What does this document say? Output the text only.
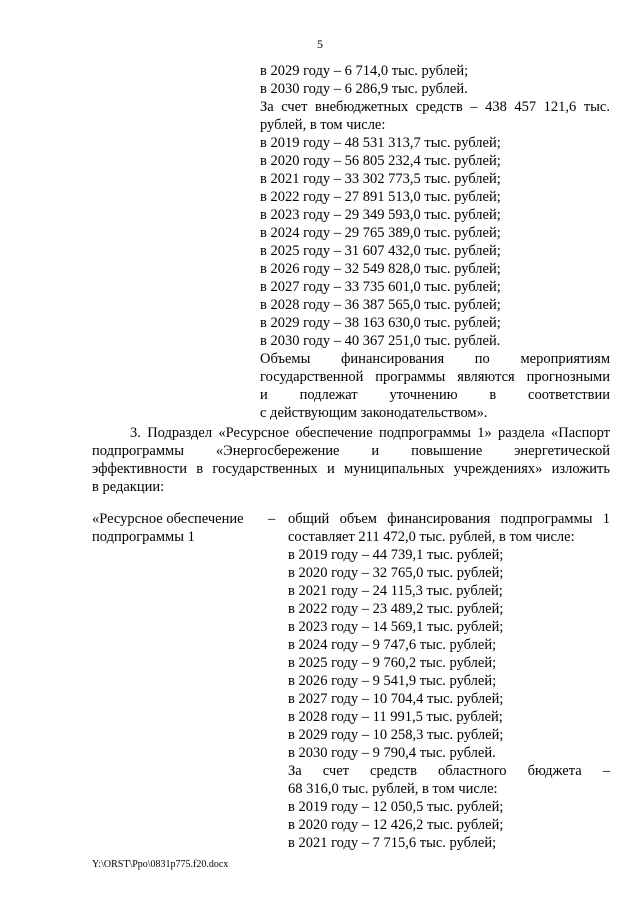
5
в 2029 году – 6 714,0 тыс. рублей;
в 2030 году – 6 286,9 тыс. рублей.
За счет внебюджетных средств – 438 457 121,6 тыс.
рублей, в том числе:
в 2019 году – 48 531 313,7 тыс. рублей;
в 2020 году – 56 805 232,4 тыс. рублей;
в 2021 году – 33 302 773,5 тыс. рублей;
в 2022 году – 27 891 513,0 тыс. рублей;
в 2023 году – 29 349 593,0 тыс. рублей;
в 2024 году – 29 765 389,0 тыс. рублей;
в 2025 году – 31 607 432,0 тыс. рублей;
в 2026 году – 32 549 828,0 тыс. рублей;
в 2027 году – 33 735 601,0 тыс. рублей;
в 2028 году – 36 387 565,0 тыс. рублей;
в 2029 году – 38 163 630,0 тыс. рублей;
в 2030 году – 40 367 251,0 тыс. рублей.
Объемы финансирования по мероприятиям
государственной программы являются прогнозными
и подлежат уточнению в соответствии
с действующим законодательством».
3. Подраздел «Ресурсное обеспечение подпрограммы 1» раздела «Паспорт
подпрограммы «Энергосбережение и повышение энергетической
эффективности в государственных и муниципальных учреждениях» изложить
в редакции:
«Ресурсное обеспечение
подпрограммы 1
– общий объем финансирования подпрограммы 1
составляет 211 472,0 тыс. рублей, в том числе:
в 2019 году – 44 739,1 тыс. рублей;
в 2020 году – 32 765,0 тыс. рублей;
в 2021 году – 24 115,3 тыс. рублей;
в 2022 году – 23 489,2 тыс. рублей;
в 2023 году – 14 569,1 тыс. рублей;
в 2024 году – 9 747,6 тыс. рублей;
в 2025 году – 9 760,2 тыс. рублей;
в 2026 году – 9 541,9 тыс. рублей;
в 2027 году – 10 704,4 тыс. рублей;
в 2028 году – 11 991,5 тыс. рублей;
в 2029 году – 10 258,3 тыс. рублей;
в 2030 году – 9 790,4 тыс. рублей.
За счет средств областного бюджета –
68 316,0 тыс. рублей, в том числе:
в 2019 году – 12 050,5 тыс. рублей;
в 2020 году – 12 426,2 тыс. рублей;
в 2021 году – 7 715,6 тыс. рублей;
Y:\ORST\Ppo\0831p775.f20.docx
